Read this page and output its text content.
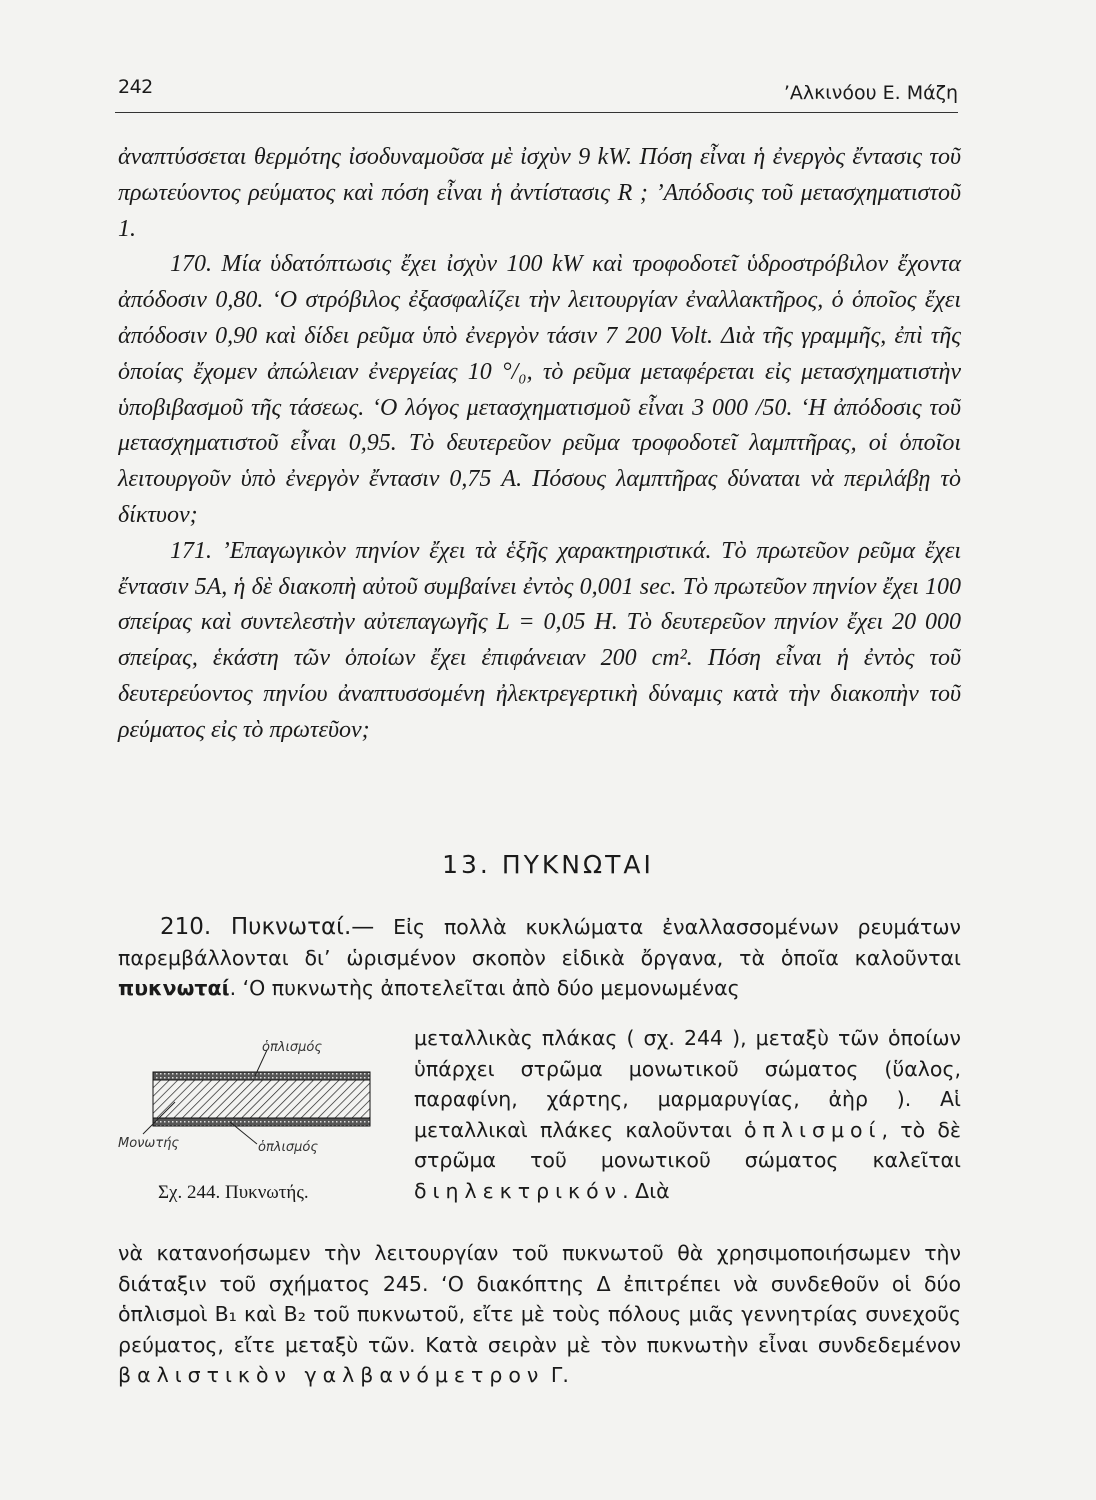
242	’Αλκινόου Ε. Μάζη

ἀναπτύσσεται θερμότης ἰσοδυναμοῦσα μὲ ἰσχὺν 9 kW. Πόση εἶναι ἡ ἐνεργὸς ἔντασις τοῦ πρωτεύοντος ρεύματος καὶ πόση εἶναι ἡ ἀντίστασις R ; ’Απόδοσις τοῦ μετασχηματιστοῦ 1.

170. Μία ὑδατόπτωσις ἔχει ἰσχὺν 100 kW καὶ τροφοδοτεῖ ὑδροστρόβιλον ἔχοντα ἀπόδοσιν 0,80. ‘Ο στρόβιλος ἐξασφαλίζει τὴν λειτουργίαν ἐναλλακτῆρος, ὁ ὁποῖος ἔχει ἀπόδοσιν 0,90 καὶ δίδει ρεῦμα ὑπὸ ἐνεργὸν τάσιν 7 200 Volt. Διὰ τῆς γραμμῆς, ἐπὶ τῆς ὁποίας ἔχομεν ἀπώλειαν ἐνεργείας 10 °/₀, τὸ ρεῦμα μεταφέρεται εἰς μετασχηματιστὴν ὑποβιβασμοῦ τῆς τάσεως. ‘Ο λόγος μετασχηματισμοῦ εἶναι 3 000 /50. ‘Η ἀπόδοσις τοῦ μετασχηματιστοῦ εἶναι 0,95. Τὸ δευτερεῦον ρεῦμα τροφοδοτεῖ λαμπτῆρας, οἱ ὁποῖοι λειτουργοῦν ὑπὸ ἐνεργὸν ἔντασιν 0,75 A. Πόσους λαμπτῆρας δύναται νὰ περιλάβῃ τὸ δίκτυον;

171. ’Επαγωγικὸν πηνίον ἔχει τὰ ἑξῆς χαρακτηριστικά. Τὸ πρωτεῦον ρεῦμα ἔχει ἔντασιν 5A, ἡ δὲ διακοπὴ αὐτοῦ συμβαίνει ἐντὸς 0,001 sec. Τὸ πρωτεῦον πηνίον ἔχει 100 σπείρας καὶ συντελεστὴν αὐτεπαγωγῆς L = 0,05 H. Τὸ δευτερεῦον πηνίον ἔχει 20 000 σπείρας, ἑκάστη τῶν ὁποίων ἔχει ἐπιφάνειαν 200 cm². Πόση εἶναι ἡ ἐντὸς τοῦ δευτερεύοντος πηνίου ἀναπτυσσομένη ἠλεκτρεγερτικὴ δύναμις κατὰ τὴν διακοπὴν τοῦ ρεύματος εἰς τὸ πρωτεῦον;

13. ΠΥΚΝΩΤΑΙ

210. Πυκνωταί.— Εἰς πολλὰ κυκλώματα ἐναλλασσομένων ρευμάτων παρεμβάλλονται δι’ ὡρισμένον σκοπὸν εἰδικὰ ὄργανα, τὰ ὁποῖα καλοῦνται πυκνωταί. ‘Ο πυκνωτὴς ἀποτελεῖται ἀπὸ δύο μεμονωμένας

μεταλλικὰς πλάκας ( σχ. 244 ), μεταξὺ τῶν ὁποίων ὑπάρχει στρῶμα μονωτικοῦ σώματος (ὕαλος, παραφίνη, χάρτης, μαρμαρυγίας, ἀὴρ ). Αἱ μεταλλικαὶ πλάκες καλοῦνται ὁπλισμοί, τὸ δὲ στρῶμα τοῦ μονωτικοῦ σώματος καλεῖται διηλεκτρικόν. Διὰ

νὰ κατανοήσωμεν τὴν λειτουργίαν τοῦ πυκνωτοῦ θὰ χρησιμοποιήσωμεν τὴν διάταξιν τοῦ σχήματος 245. ‘Ο διακόπτης Δ ἐπιτρέπει νὰ συνδεθοῦν οἱ δύο ὁπλισμοὶ B₁ καὶ B₂ τοῦ πυκνωτοῦ, εἴτε μὲ τοὺς πόλους μιᾶς γεννητρίας συνεχοῦς ρεύματος, εἴτε μεταξὺ τῶν. Κατὰ σειρὰν μὲ τὸν πυκνωτὴν εἶναι συνδεδεμένον βαλιστικὸν γαλβανόμετρον Γ.

ὁπλισμός
Μονωτής	ὁπλισμός
Σχ. 244. Πυκνωτής.
